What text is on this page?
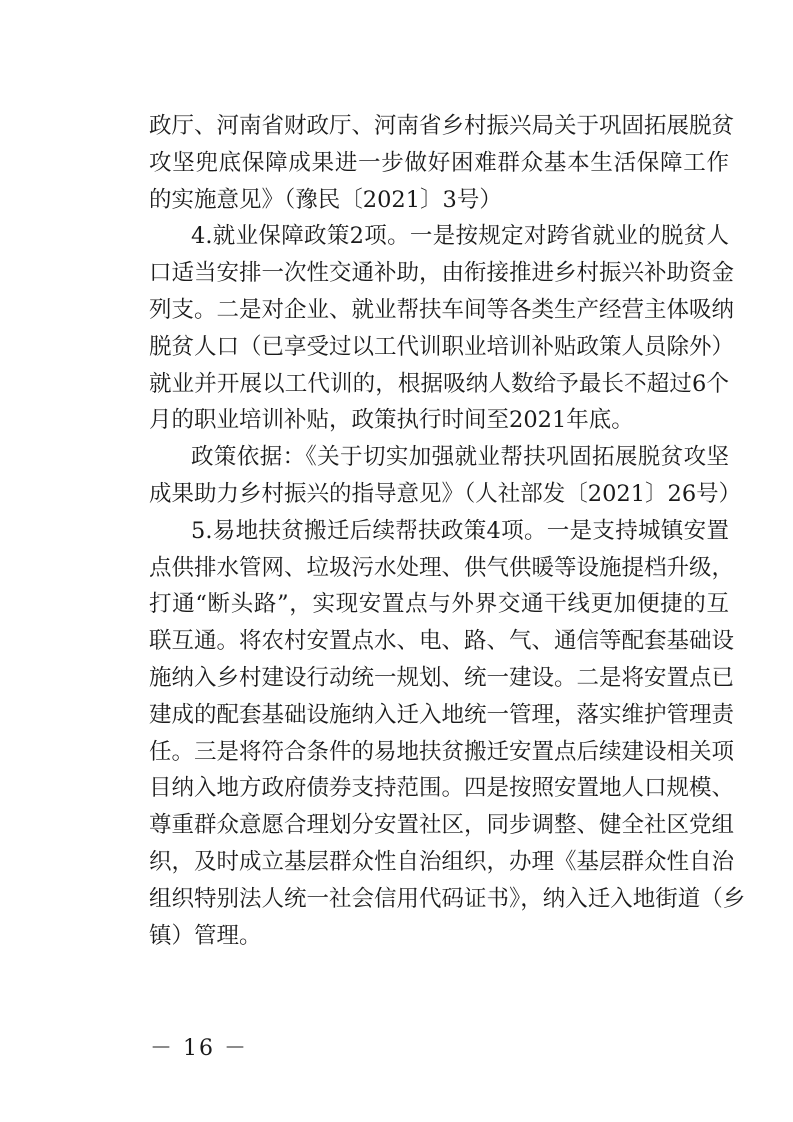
政厅、河南省财政厅、河南省乡村振兴局关于巩固拓展脱贫

攻坚兜底保障成果进一步做好困难群众基本生活保障工作

的实施意见》（豫民〔2021〕3号）

4.就业保障政策2项。一是按规定对跨省就业的脱贫人

口适当安排一次性交通补助，由衔接推进乡村振兴补助资金

列支。二是对企业、就业帮扶车间等各类生产经营主体吸纳

脱贫人口（已享受过以工代训职业培训补贴政策人员除外）

就业并开展以工代训的，根据吸纳人数给予最长不超过6个

月的职业培训补贴，政策执行时间至2021年底。

政策依据：《关于切实加强就业帮扶巩固拓展脱贫攻坚

成果助力乡村振兴的指导意见》（人社部发〔2021〕26号）

5.易地扶贫搬迁后续帮扶政策4项。一是支持城镇安置

点供排水管网、垃圾污水处理、供气供暖等设施提档升级，

打通“断头路”，实现安置点与外界交通干线更加便捷的互

联互通。将农村安置点水、电、路、气、通信等配套基础设

施纳入乡村建设行动统一规划、统一建设。二是将安置点已

建成的配套基础设施纳入迁入地统一管理，落实维护管理责

任。三是将符合条件的易地扶贫搬迁安置点后续建设相关项

目纳入地方政府债券支持范围。四是按照安置地人口规模、

尊重群众意愿合理划分安置社区，同步调整、健全社区党组

织，及时成立基层群众性自治组织，办理《基层群众性自治

组织特别法人统一社会信用代码证书》，纳入迁入地街道（乡

镇）管理。

－ 16 －
